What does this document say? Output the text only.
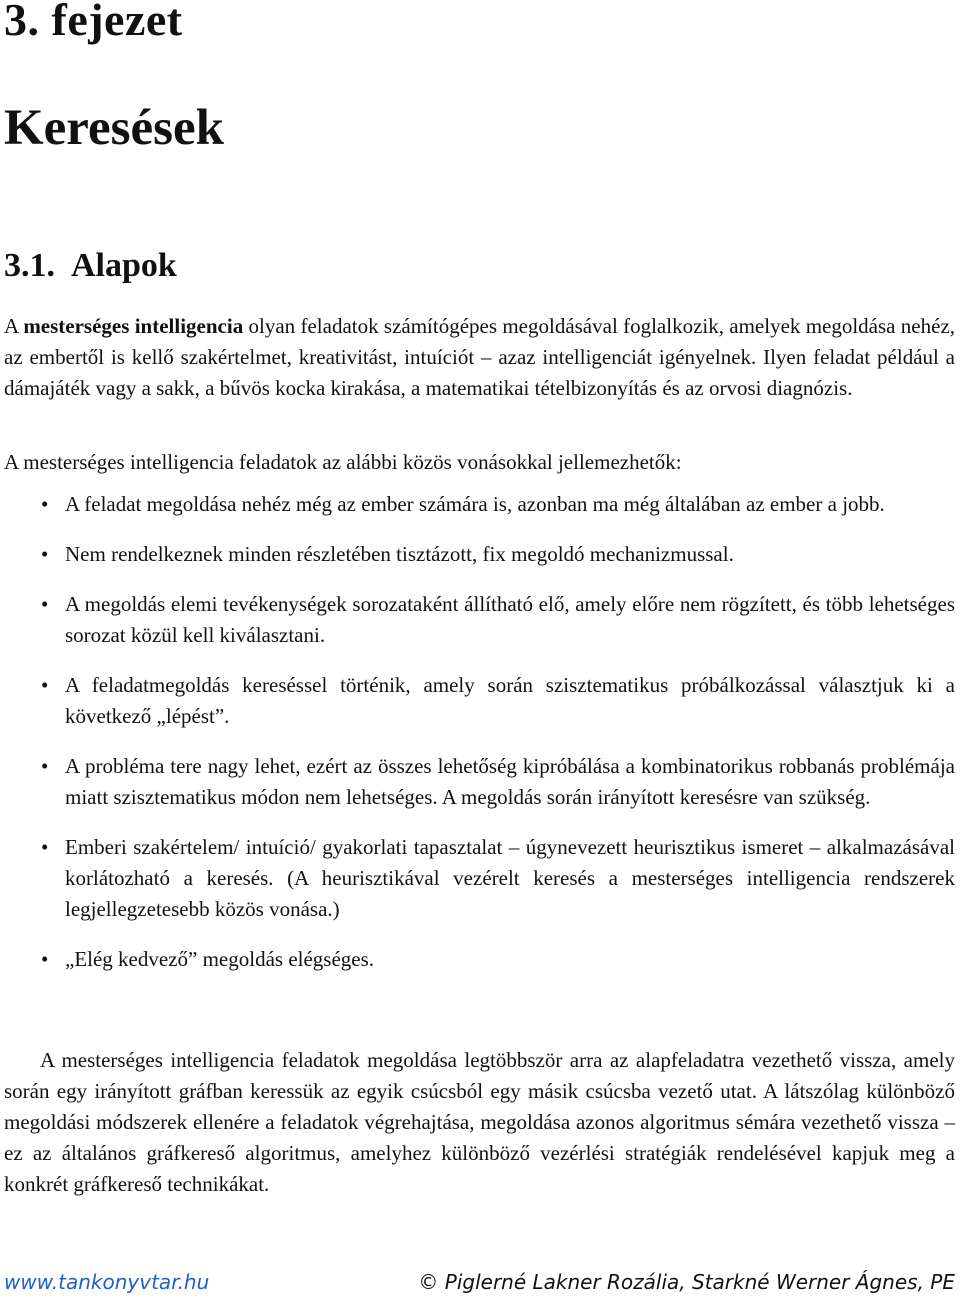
3. fejezet
Keresések
3.1. Alapok

A mesterséges intelligencia olyan feladatok számítógépes megoldásával foglalkozik, amelyek megoldása nehéz, az embertől is kellő szakértelmet, kreativitást, intuíciót – azaz intelligenciát igényelnek. Ilyen feladat például a dámajáték vagy a sakk, a bűvös kocka kirakása, a matematikai tételbizonyítás és az orvosi diagnózis.

A mesterséges intelligencia feladatok az alábbi közös vonásokkal jellemezhetők:

• A feladat megoldása nehéz még az ember számára is, azonban ma még általában az ember a jobb.
• Nem rendelkeznek minden részletében tisztázott, fix megoldó mechanizmussal.
• A megoldás elemi tevékenységek sorozataként állítható elő, amely előre nem rögzített, és több lehetséges sorozat közül kell kiválasztani.
• A feladatmegoldás kereséssel történik, amely során szisztematikus próbálkozással választjuk ki a következő „lépést”.
• A probléma tere nagy lehet, ezért az összes lehetőség kipróbálása a kombinatorikus robbanás problémája miatt szisztematikus módon nem lehetséges. A megoldás során irányított keresésre van szükség.
• Emberi szakértelem/ intuíció/ gyakorlati tapasztalat – úgynevezett heurisztikus ismeret – alkalmazásával korlátozható a keresés. (A heurisztikával vezérelt keresés a mesterséges intelligencia rendszerek legjellegzetesebb közös vonása.)
• „Elég kedvező” megoldás elégséges.

A mesterséges intelligencia feladatok megoldása legtöbbször arra az alapfeladatra vezethető vissza, amely során egy irányított gráfban keressük az egyik csúcsból egy másik csúcsba vezető utat. A látszólag különböző megoldási módszerek ellenére a feladatok végrehajtása, megoldása azonos algoritmus sémára vezethető vissza – ez az általános gráfkereső algoritmus, amelyhez különböző vezérlési stratégiák rendelésével kapjuk meg a konkrét gráfkereső technikákat.

www.tankonyvtar.hu	© Piglerné Lakner Rozália, Starkné Werner Ágnes, PE
